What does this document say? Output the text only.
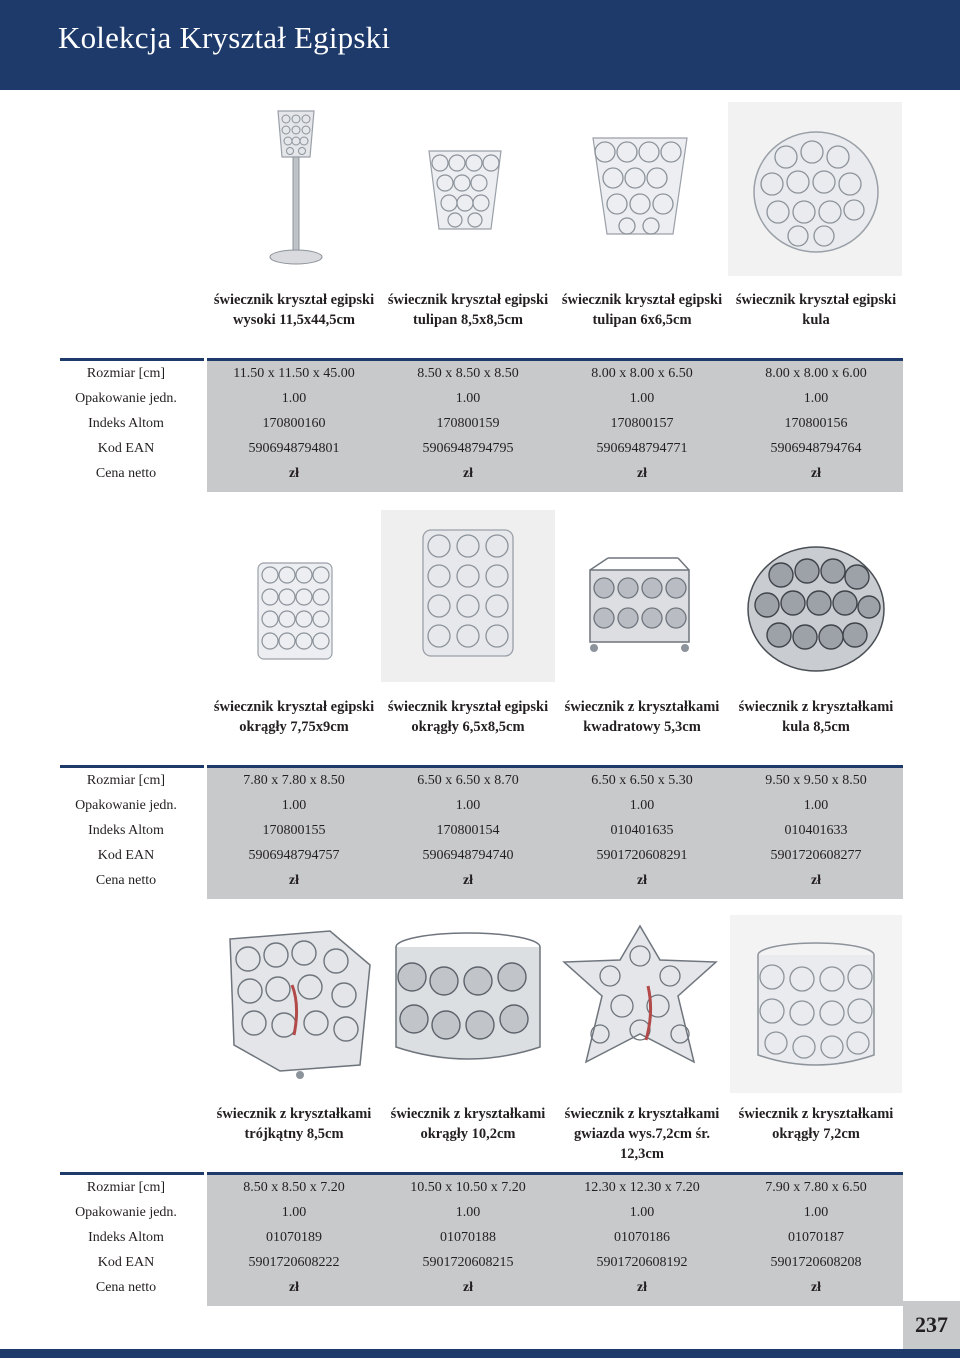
Kolekcja Kryształ Egipski
świecznik kryształ egipski
wysoki 11,5x44,5cm
świecznik kryształ egipski
tulipan 8,5x8,5cm
świecznik kryształ egipski
tulipan 6x6,5cm
świecznik kryształ egipski
kula
Rozmiar [cm]
Opakowanie jedn.
Indeks Altom
Kod EAN
Cena netto
11.50 x 11.50 x 45.00
1.00
170800160
5906948794801
zł
8.50 x 8.50 x 8.50
1.00
170800159
5906948794795
zł
8.00 x 8.00 x 6.50
1.00
170800157
5906948794771
zł
8.00 x 8.00 x 6.00
1.00
170800156
5906948794764
zł
świecznik kryształ egipski
okrągły 7,75x9cm
świecznik kryształ egipski
okrągły 6,5x8,5cm
świecznik z kryształkami
kwadratowy 5,3cm
świecznik z kryształkami
kula 8,5cm
Rozmiar [cm]
Opakowanie jedn.
Indeks Altom
Kod EAN
Cena netto
7.80 x 7.80 x 8.50
1.00
170800155
5906948794757
zł
6.50 x 6.50 x 8.70
1.00
170800154
5906948794740
zł
6.50 x 6.50 x 5.30
1.00
010401635
5901720608291
zł
9.50 x 9.50 x 8.50
1.00
010401633
5901720608277
zł
świecznik z kryształkami
trójkątny 8,5cm
świecznik z kryształkami
okrągły 10,2cm
świecznik z kryształkami
gwiazda wys.7,2cm śr.
12,3cm
świecznik z kryształkami
okrągły 7,2cm
Rozmiar [cm]
Opakowanie jedn.
Indeks Altom
Kod EAN
Cena netto
8.50 x 8.50 x 7.20
1.00
01070189
5901720608222
zł
10.50 x 10.50 x 7.20
1.00
01070188
5901720608215
zł
12.30 x 12.30 x 7.20
1.00
01070186
5901720608192
zł
7.90 x 7.80 x 6.50
1.00
01070187
5901720608208
zł
237
